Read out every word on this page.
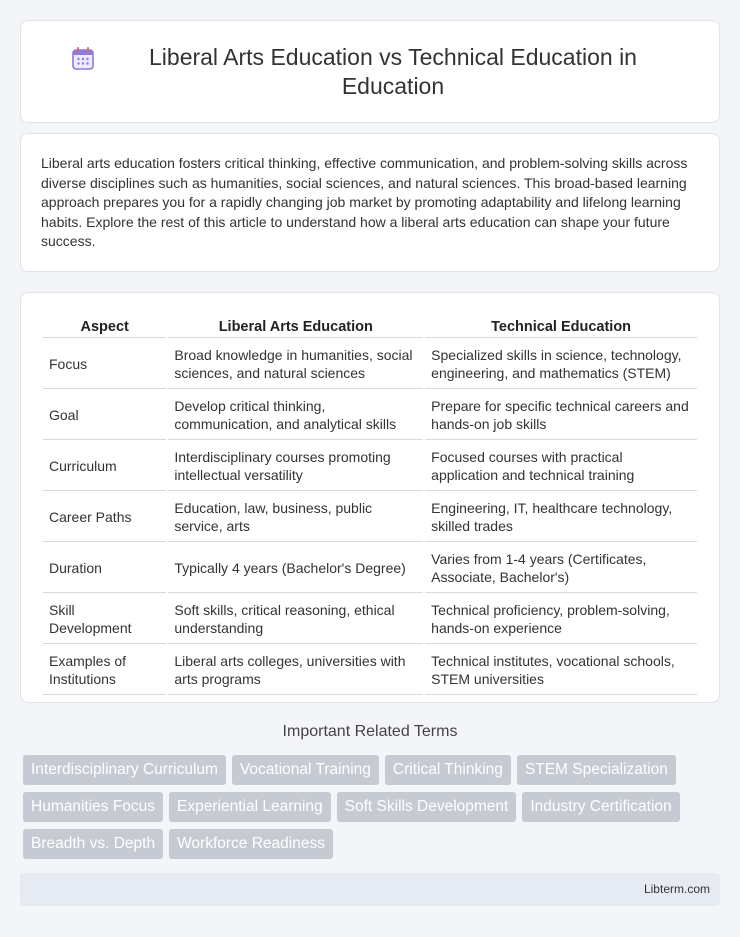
Liberal Arts Education vs Technical Education in Education

Liberal arts education fosters critical thinking, effective communication, and problem-solving skills across diverse disciplines such as humanities, social sciences, and natural sciences. This broad-based learning approach prepares you for a rapidly changing job market by promoting adaptability and lifelong learning habits. Explore the rest of this article to understand how a liberal arts education can shape your future success.

Aspect	Liberal Arts Education	Technical Education
Focus	Broad knowledge in humanities, social sciences, and natural sciences	Specialized skills in science, technology, engineering, and mathematics (STEM)
Goal	Develop critical thinking, communication, and analytical skills	Prepare for specific technical careers and hands-on job skills
Curriculum	Interdisciplinary courses promoting intellectual versatility	Focused courses with practical application and technical training
Career Paths	Education, law, business, public service, arts	Engineering, IT, healthcare technology, skilled trades
Duration	Typically 4 years (Bachelor's Degree)	Varies from 1-4 years (Certificates, Associate, Bachelor's)
Skill Development	Soft skills, critical reasoning, ethical understanding	Technical proficiency, problem-solving, hands-on experience
Examples of Institutions	Liberal arts colleges, universities with arts programs	Technical institutes, vocational schools, STEM universities
Important Related Terms
Interdisciplinary Curriculum	Vocational Training	Critical Thinking	STEM Specialization
Humanities Focus	Experiential Learning	Soft Skills Development	Industry Certification
Breadth vs. Depth	Workforce Readiness
Libterm.com
